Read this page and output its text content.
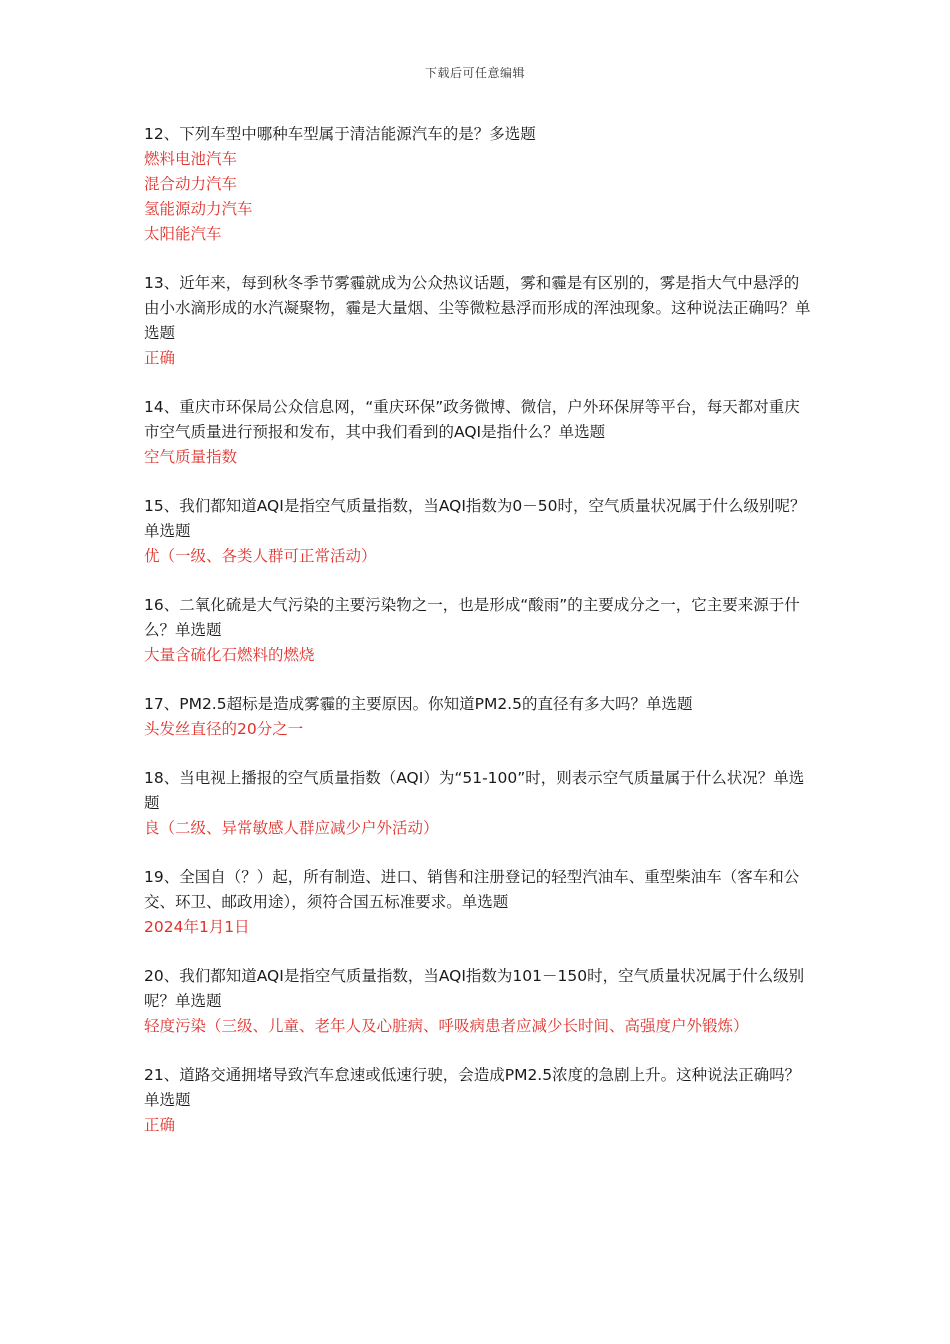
下载后可任意编辑
12、下列车型中哪种车型属于清洁能源汽车的是？多选题
燃料电池汽车
混合动力汽车
氢能源动力汽车
太阳能汽车
13、近年来，每到秋冬季节雾霾就成为公众热议话题，雾和霾是有区别的，雾是指大气中悬浮的由小水滴形成的水汽凝聚物，霾是大量烟、尘等微粒悬浮而形成的浑浊现象。这种说法正确吗？单选题
正确
14、重庆市环保局公众信息网，“重庆环保”政务微博、微信，户外环保屏等平台，每天都对重庆市空气质量进行预报和发布，其中我们看到的AQI是指什么？单选题
空气质量指数
15、我们都知道AQI是指空气质量指数，当AQI指数为0－50时，空气质量状况属于什么级别呢？单选题
优（一级、各类人群可正常活动）
16、二氧化硫是大气污染的主要污染物之一，也是形成“酸雨”的主要成分之一，它主要来源于什么？单选题
大量含硫化石燃料的燃烧
17、PM2.5超标是造成雾霾的主要原因。你知道PM2.5的直径有多大吗？单选题
头发丝直径的20分之一
18、当电视上播报的空气质量指数（AQI）为“51-100”时，则表示空气质量属于什么状况？单选题
良（二级、异常敏感人群应减少户外活动）
19、全国自（？）起，所有制造、进口、销售和注册登记的轻型汽油车、重型柴油车（客车和公交、环卫、邮政用途），须符合国五标准要求。单选题
2024年1月1日
20、我们都知道AQI是指空气质量指数，当AQI指数为101－150时，空气质量状况属于什么级别呢？单选题
轻度污染（三级、儿童、老年人及心脏病、呼吸病患者应减少长时间、高强度户外锻炼）
21、道路交通拥堵导致汽车怠速或低速行驶，会造成PM2.5浓度的急剧上升。这种说法正确吗？单选题
正确
